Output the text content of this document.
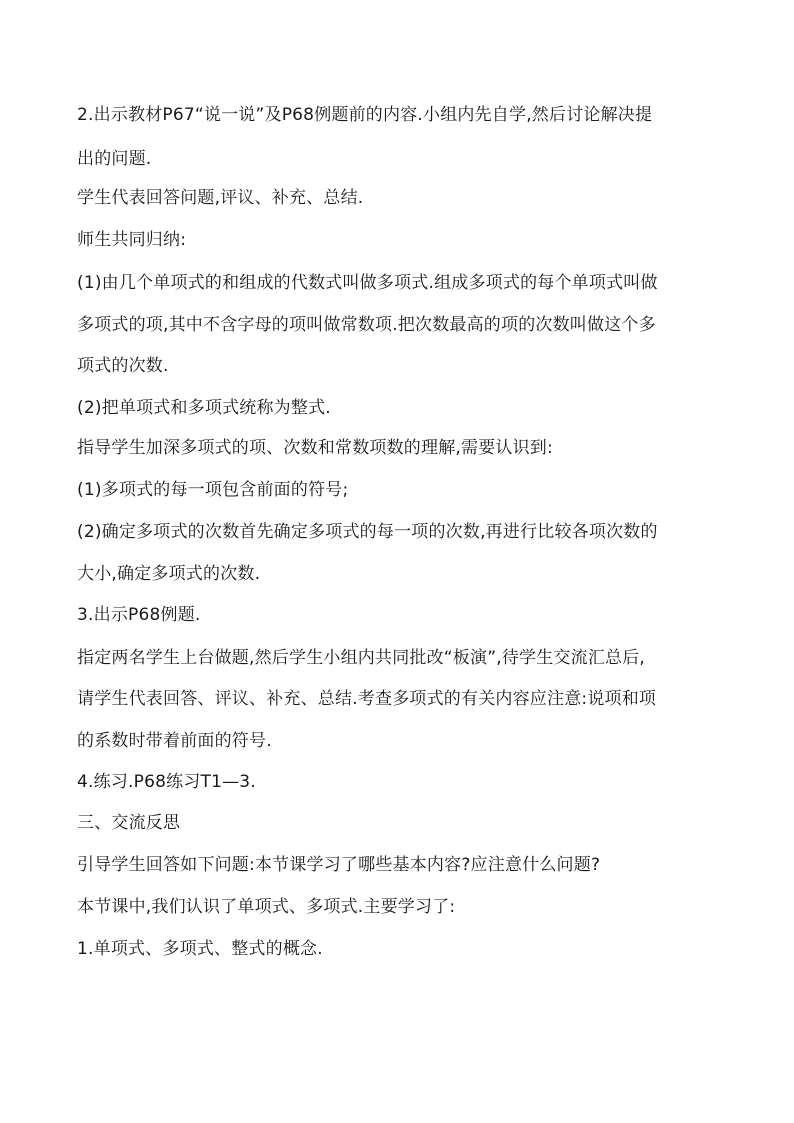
2.出示教材P67“说一说”及P68例题前的内容.小组内先自学,然后讨论解决提
出的问题.
学生代表回答问题,评议、补充、总结.
师生共同归纳:
(1)由几个单项式的和组成的代数式叫做多项式.组成多项式的每个单项式叫做
多项式的项,其中不含字母的项叫做常数项.把次数最高的项的次数叫做这个多
项式的次数.
(2)把单项式和多项式统称为整式.
指导学生加深多项式的项、次数和常数项数的理解,需要认识到:
(1)多项式的每一项包含前面的符号;
(2)确定多项式的次数首先确定多项式的每一项的次数,再进行比较各项次数的
大小,确定多项式的次数.
3.出示P68例题.
指定两名学生上台做题,然后学生小组内共同批改“板演”,待学生交流汇总后,
请学生代表回答、评议、补充、总结.考查多项式的有关内容应注意:说项和项
的系数时带着前面的符号.
4.练习.P68练习T1—3.
三、交流反思
引导学生回答如下问题:本节课学习了哪些基本内容?应注意什么问题?
本节课中,我们认识了单项式、多项式.主要学习了:
1.单项式、多项式、整式的概念.
